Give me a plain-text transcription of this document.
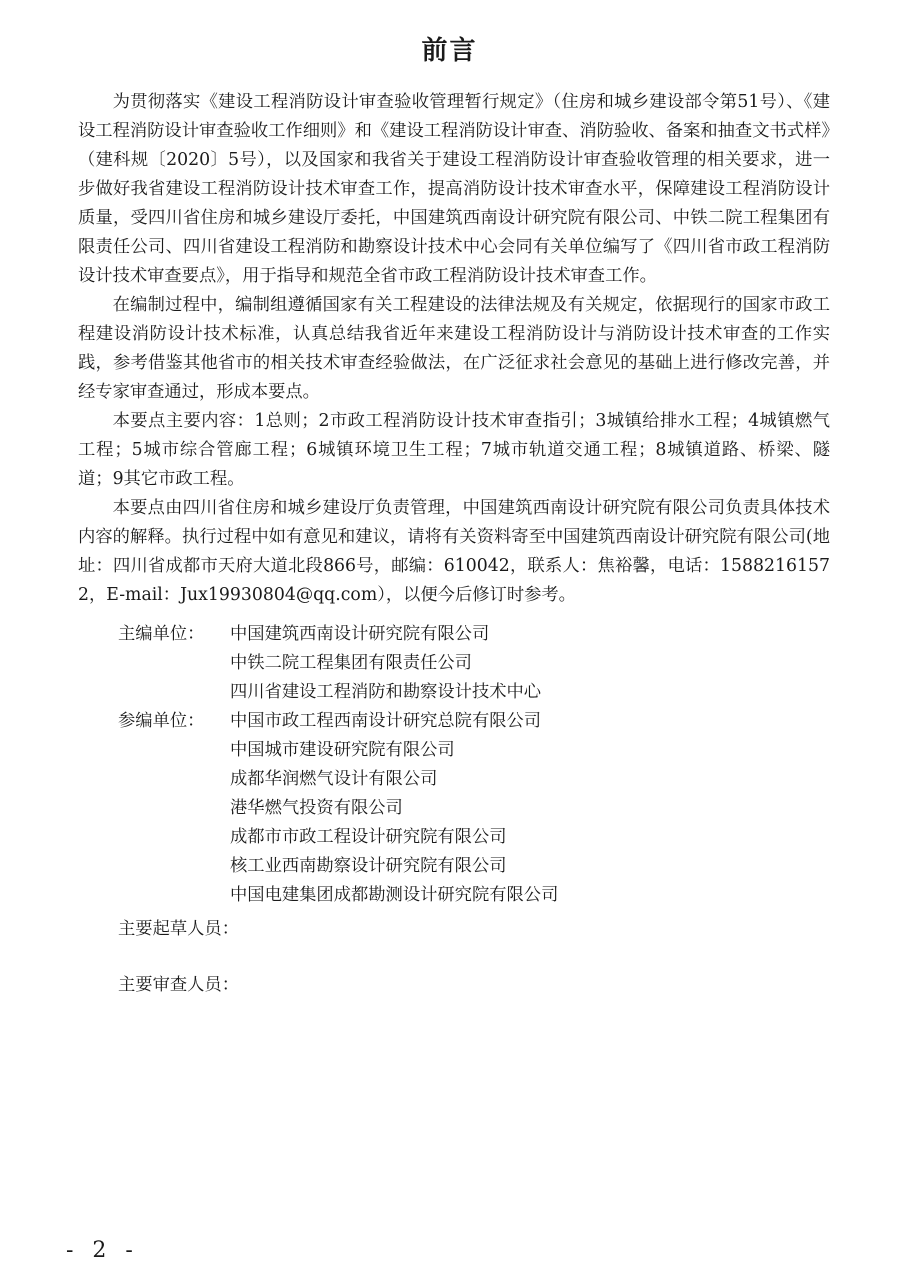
前言

为贯彻落实《建设工程消防设计审查验收管理暂行规定》（住房和城乡建设部令第51号）、《建设工程消防设计审查验收工作细则》和《建设工程消防设计审查、消防验收、备案和抽查文书式样》（建科规〔2020〕5号），以及国家和我省关于建设工程消防设计审查验收管理的相关要求，进一步做好我省建设工程消防设计技术审查工作，提高消防设计技术审查水平，保障建设工程消防设计质量，受四川省住房和城乡建设厅委托，中国建筑西南设计研究院有限公司、中铁二院工程集团有限责任公司、四川省建设工程消防和勘察设计技术中心会同有关单位编写了《四川省市政工程消防设计技术审查要点》，用于指导和规范全省市政工程消防设计技术审查工作。

在编制过程中，编制组遵循国家有关工程建设的法律法规及有关规定，依据现行的国家市政工程建设消防设计技术标准，认真总结我省近年来建设工程消防设计与消防设计技术审查的工作实践，参考借鉴其他省市的相关技术审查经验做法，在广泛征求社会意见的基础上进行修改完善，并经专家审查通过，形成本要点。

本要点主要内容：1总则；2市政工程消防设计技术审查指引；3城镇给排水工程；4城镇燃气工程；5城市综合管廊工程；6城镇环境卫生工程；7城市轨道交通工程；8城镇道路、桥梁、隧道；9其它市政工程。

本要点由四川省住房和城乡建设厅负责管理，中国建筑西南设计研究院有限公司负责具体技术内容的解释。执行过程中如有意见和建议，请将有关资料寄至中国建筑西南设计研究院有限公司(地址：四川省成都市天府大道北段866号，邮编：610042，联系人：焦裕馨，电话：15882161572，E-mail：Jux19930804@qq.com），以便今后修订时参考。

主编单位：	中国建筑西南设计研究院有限公司
中铁二院工程集团有限责任公司
四川省建设工程消防和勘察设计技术中心
参编单位：	中国市政工程西南设计研究总院有限公司
中国城市建设研究院有限公司
成都华润燃气设计有限公司
港华燃气投资有限公司
成都市市政工程设计研究院有限公司
核工业西南勘察设计研究院有限公司
中国电建集团成都勘测设计研究院有限公司
主要起草人员：
主要审查人员：
- 2 -
